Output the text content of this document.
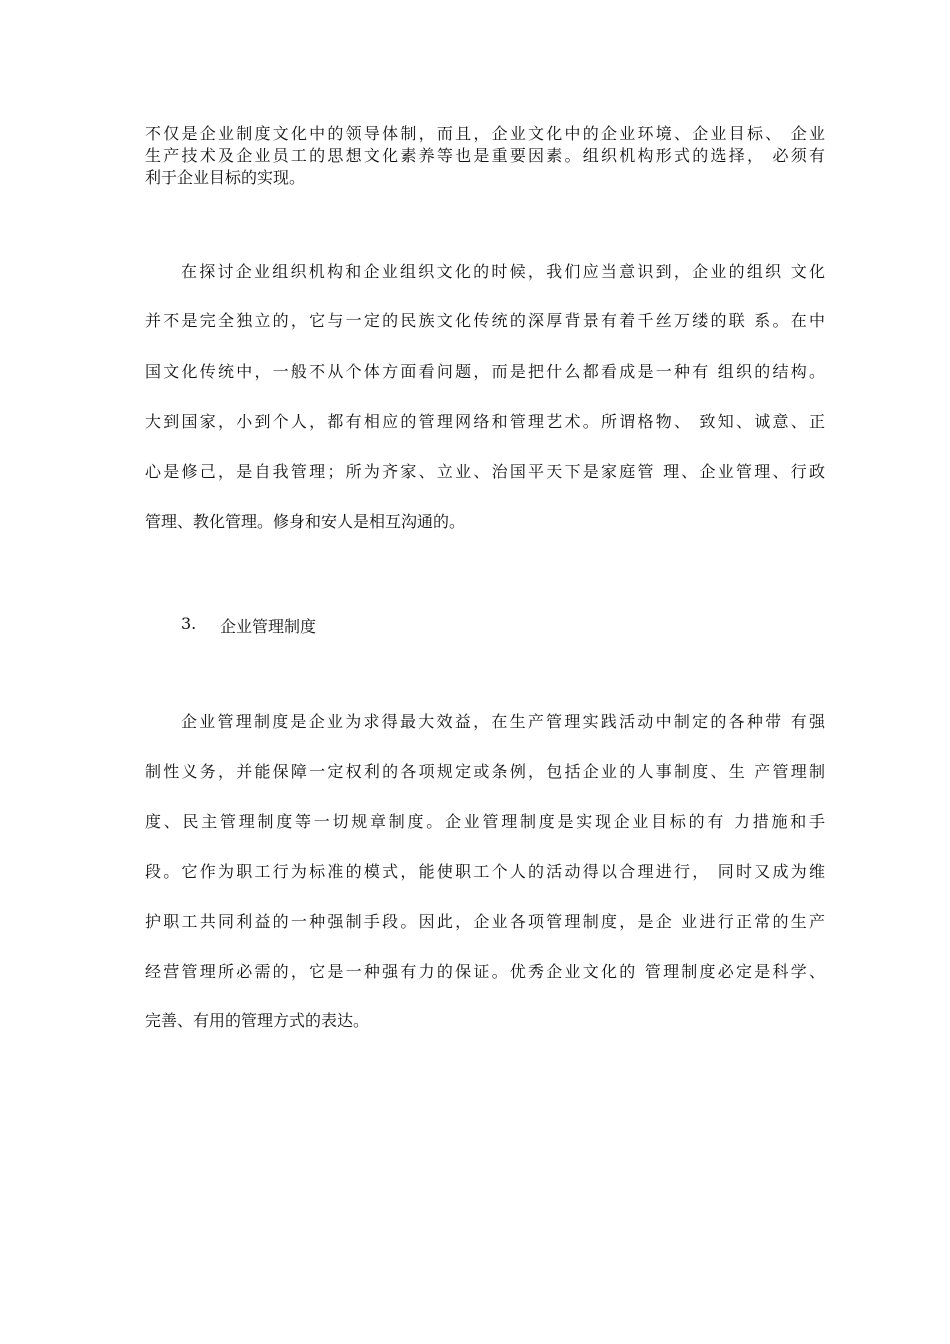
不仅是企业制度文化中的领导体制，而且，企业文化中的企业环境、企业目标、 企业
生产技术及企业员工的思想文化素养等也是重要因素。组织机构形式的选择， 必须有
利于企业目标的实现。
在探讨企业组织机构和企业组织文化的时候，我们应当意识到，企业的组织 文化
并不是完全独立的，它与一定的民族文化传统的深厚背景有着千丝万缕的联 系。在中
国文化传统中，一般不从个体方面看问题，而是把什么都看成是一种有 组织的结构。
大到国家，小到个人，都有相应的管理网络和管理艺术。所谓格物、 致知、诚意、正
心是修己，是自我管理；所为齐家、立业、治国平天下是家庭管 理、企业管理、行政
管理、教化管理。修身和安人是相互沟通的。
3. 企业管理制度
企业管理制度是企业为求得最大效益，在生产管理实践活动中制定的各种带 有强
制性义务，并能保障一定权利的各项规定或条例，包括企业的人事制度、生 产管理制
度、民主管理制度等一切规章制度。企业管理制度是实现企业目标的有 力措施和手
段。它作为职工行为标准的模式，能使职工个人的活动得以合理进行， 同时又成为维
护职工共同利益的一种强制手段。因此，企业各项管理制度，是企 业进行正常的生产
经营管理所必需的，它是一种强有力的保证。优秀企业文化的 管理制度必定是科学、
完善、有用的管理方式的表达。
